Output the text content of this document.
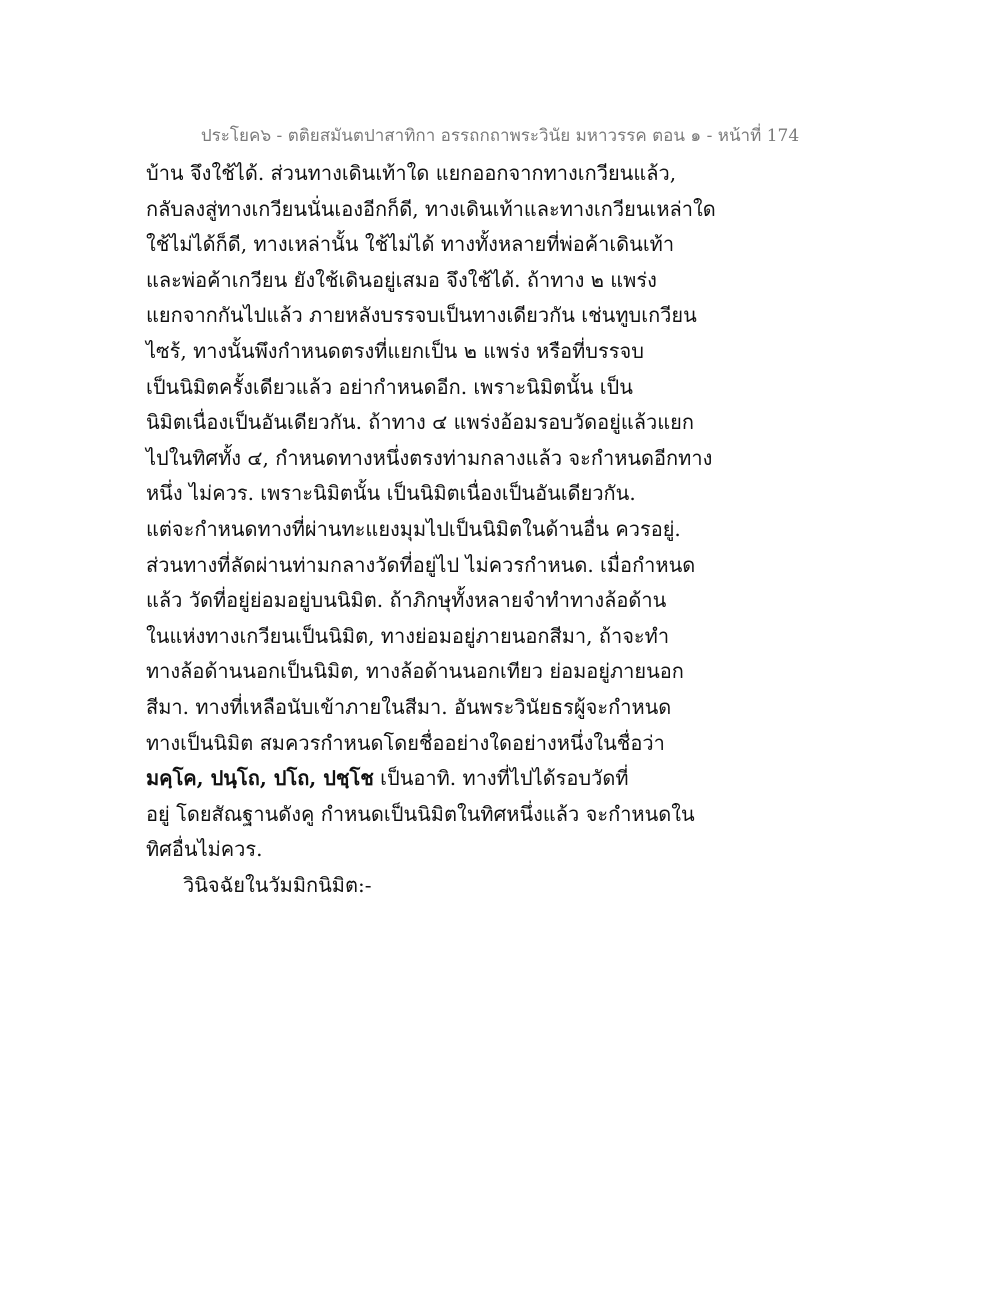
ประโยค๖ - ตติยสมันตปาสาทิกา อรรถกถาพระวินัย มหาวรรค ตอน ๑ - หน้าที่ 174
บ้าน จึงใช้ได้. ส่วนทางเดินเท้าใด แยกออกจากทางเกวียนแล้ว,
กลับลงสู่ทางเกวียนนั่นเองอีกก็ดี, ทางเดินเท้าและทางเกวียนเหล่าใด
ใช้ไม่ได้ก็ดี, ทางเหล่านั้น ใช้ไม่ได้ ทางทั้งหลายที่พ่อค้าเดินเท้า
และพ่อค้าเกวียน ยังใช้เดินอยู่เสมอ จึงใช้ได้. ถ้าทาง ๒ แพร่ง
แยกจากกันไปแล้ว ภายหลังบรรจบเป็นทางเดียวกัน เช่นทูบเกวียน
ไซร้, ทางนั้นพึงกำหนดตรงที่แยกเป็น ๒ แพร่ง หรือที่บรรจบ
เป็นนิมิตครั้งเดียวแล้ว อย่ากำหนดอีก. เพราะนิมิตนั้น เป็น
นิมิตเนื่องเป็นอันเดียวกัน. ถ้าทาง ๔ แพร่งอ้อมรอบวัดอยู่แล้วแยก
ไปในทิศทั้ง ๔, กำหนดทางหนึ่งตรงท่ามกลางแล้ว จะกำหนดอีกทาง
หนึ่ง ไม่ควร. เพราะนิมิตนั้น เป็นนิมิตเนื่องเป็นอันเดียวกัน.
แต่จะกำหนดทางที่ผ่านทะแยงมุมไปเป็นนิมิตในด้านอื่น ควรอยู่.
ส่วนทางที่ลัดผ่านท่ามกลางวัดที่อยู่ไป ไม่ควรกำหนด. เมื่อกำหนด
แล้ว วัดที่อยู่ย่อมอยู่บนนิมิต. ถ้าภิกษุทั้งหลายจำทำทางล้อด้าน
ในแห่งทางเกวียนเป็นนิมิต, ทางย่อมอยู่ภายนอกสีมา, ถ้าจะทำ
ทางล้อด้านนอกเป็นนิมิต, ทางล้อด้านนอกเทียว ย่อมอยู่ภายนอก
สีมา. ทางที่เหลือนับเข้าภายในสีมา. อันพระวินัยธรผู้จะกำหนด
ทางเป็นนิมิต สมควรกำหนดโดยชื่ออย่างใดอย่างหนึ่งในชื่อว่า
มคฺโค, ปนฺโถ, ปโถ, ปชฺโช เป็นอาทิ. ทางที่ไปได้รอบวัดที่
อยู่ โดยสัณฐานดังคู กำหนดเป็นนิมิตในทิศหนึ่งแล้ว จะกำหนดใน
ทิศอื่นไม่ควร.
วินิจฉัยในวัมมิกนิมิต:-
